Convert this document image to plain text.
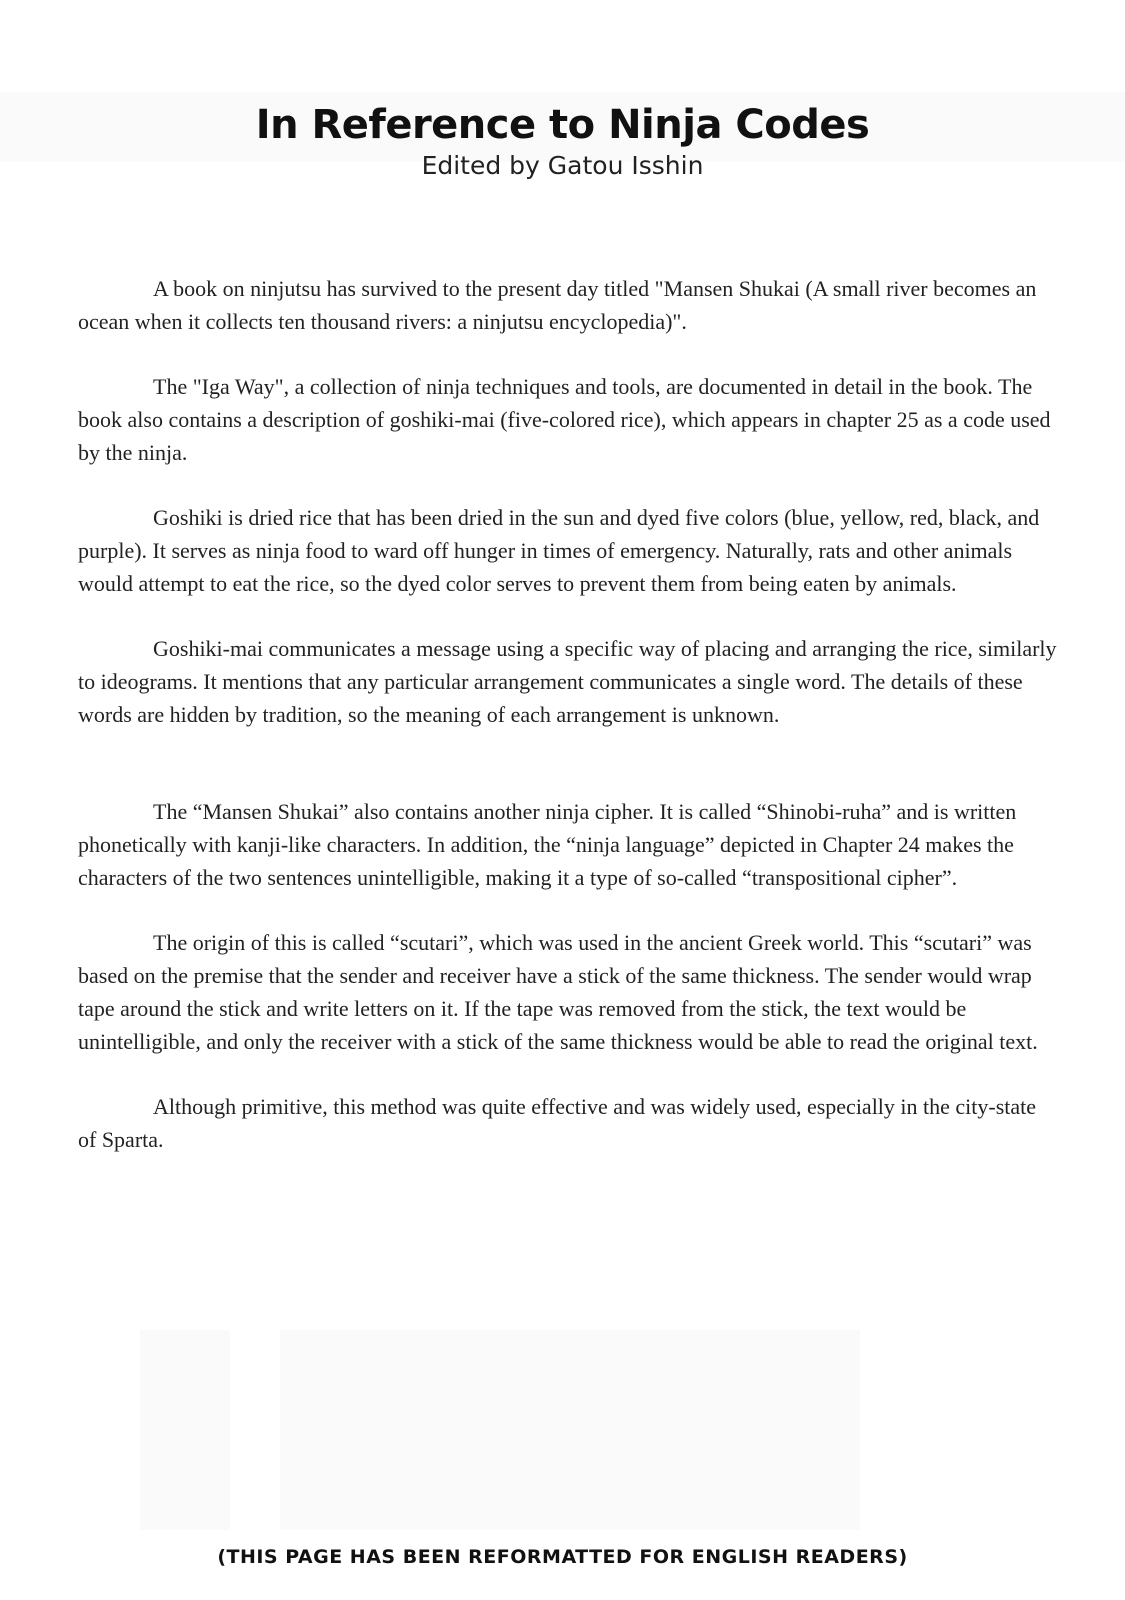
In Reference to Ninja Codes
Edited by Gatou Isshin

A book on ninjutsu has survived to the present day titled "Mansen Shukai (A small river becomes an ocean when it collects ten thousand rivers: a ninjutsu encyclopedia)".

The "Iga Way", a collection of ninja techniques and tools, are documented in detail in the book. The book also contains a description of goshiki-mai (five-colored rice), which appears in chapter 25 as a code used by the ninja.

Goshiki is dried rice that has been dried in the sun and dyed five colors (blue, yellow, red, black, and purple). It serves as ninja food to ward off hunger in times of emergency. Naturally, rats and other animals would attempt to eat the rice, so the dyed color serves to prevent them from being eaten by animals.

Goshiki-mai communicates a message using a specific way of placing and arranging the rice, similarly to ideograms. It mentions that any particular arrangement communicates a single word. The details of these words are hidden by tradition, so the meaning of each arrangement is unknown.

The “Mansen Shukai” also contains another ninja cipher. It is called “Shinobi-ruha” and is written phonetically with kanji-like characters. In addition, the “ninja language” depicted in Chapter 24 makes the characters of the two sentences unintelligible, making it a type of so-called “transpositional cipher”.

The origin of this is called “scutari”, which was used in the ancient Greek world. This “scutari” was based on the premise that the sender and receiver have a stick of the same thickness. The sender would wrap tape around the stick and write letters on it. If the tape was removed from the stick, the text would be unintelligible, and only the receiver with a stick of the same thickness would be able to read the original text.

Although primitive, this method was quite effective and was widely used, especially in the city-state of Sparta.

(THIS PAGE HAS BEEN REFORMATTED FOR ENGLISH READERS)
